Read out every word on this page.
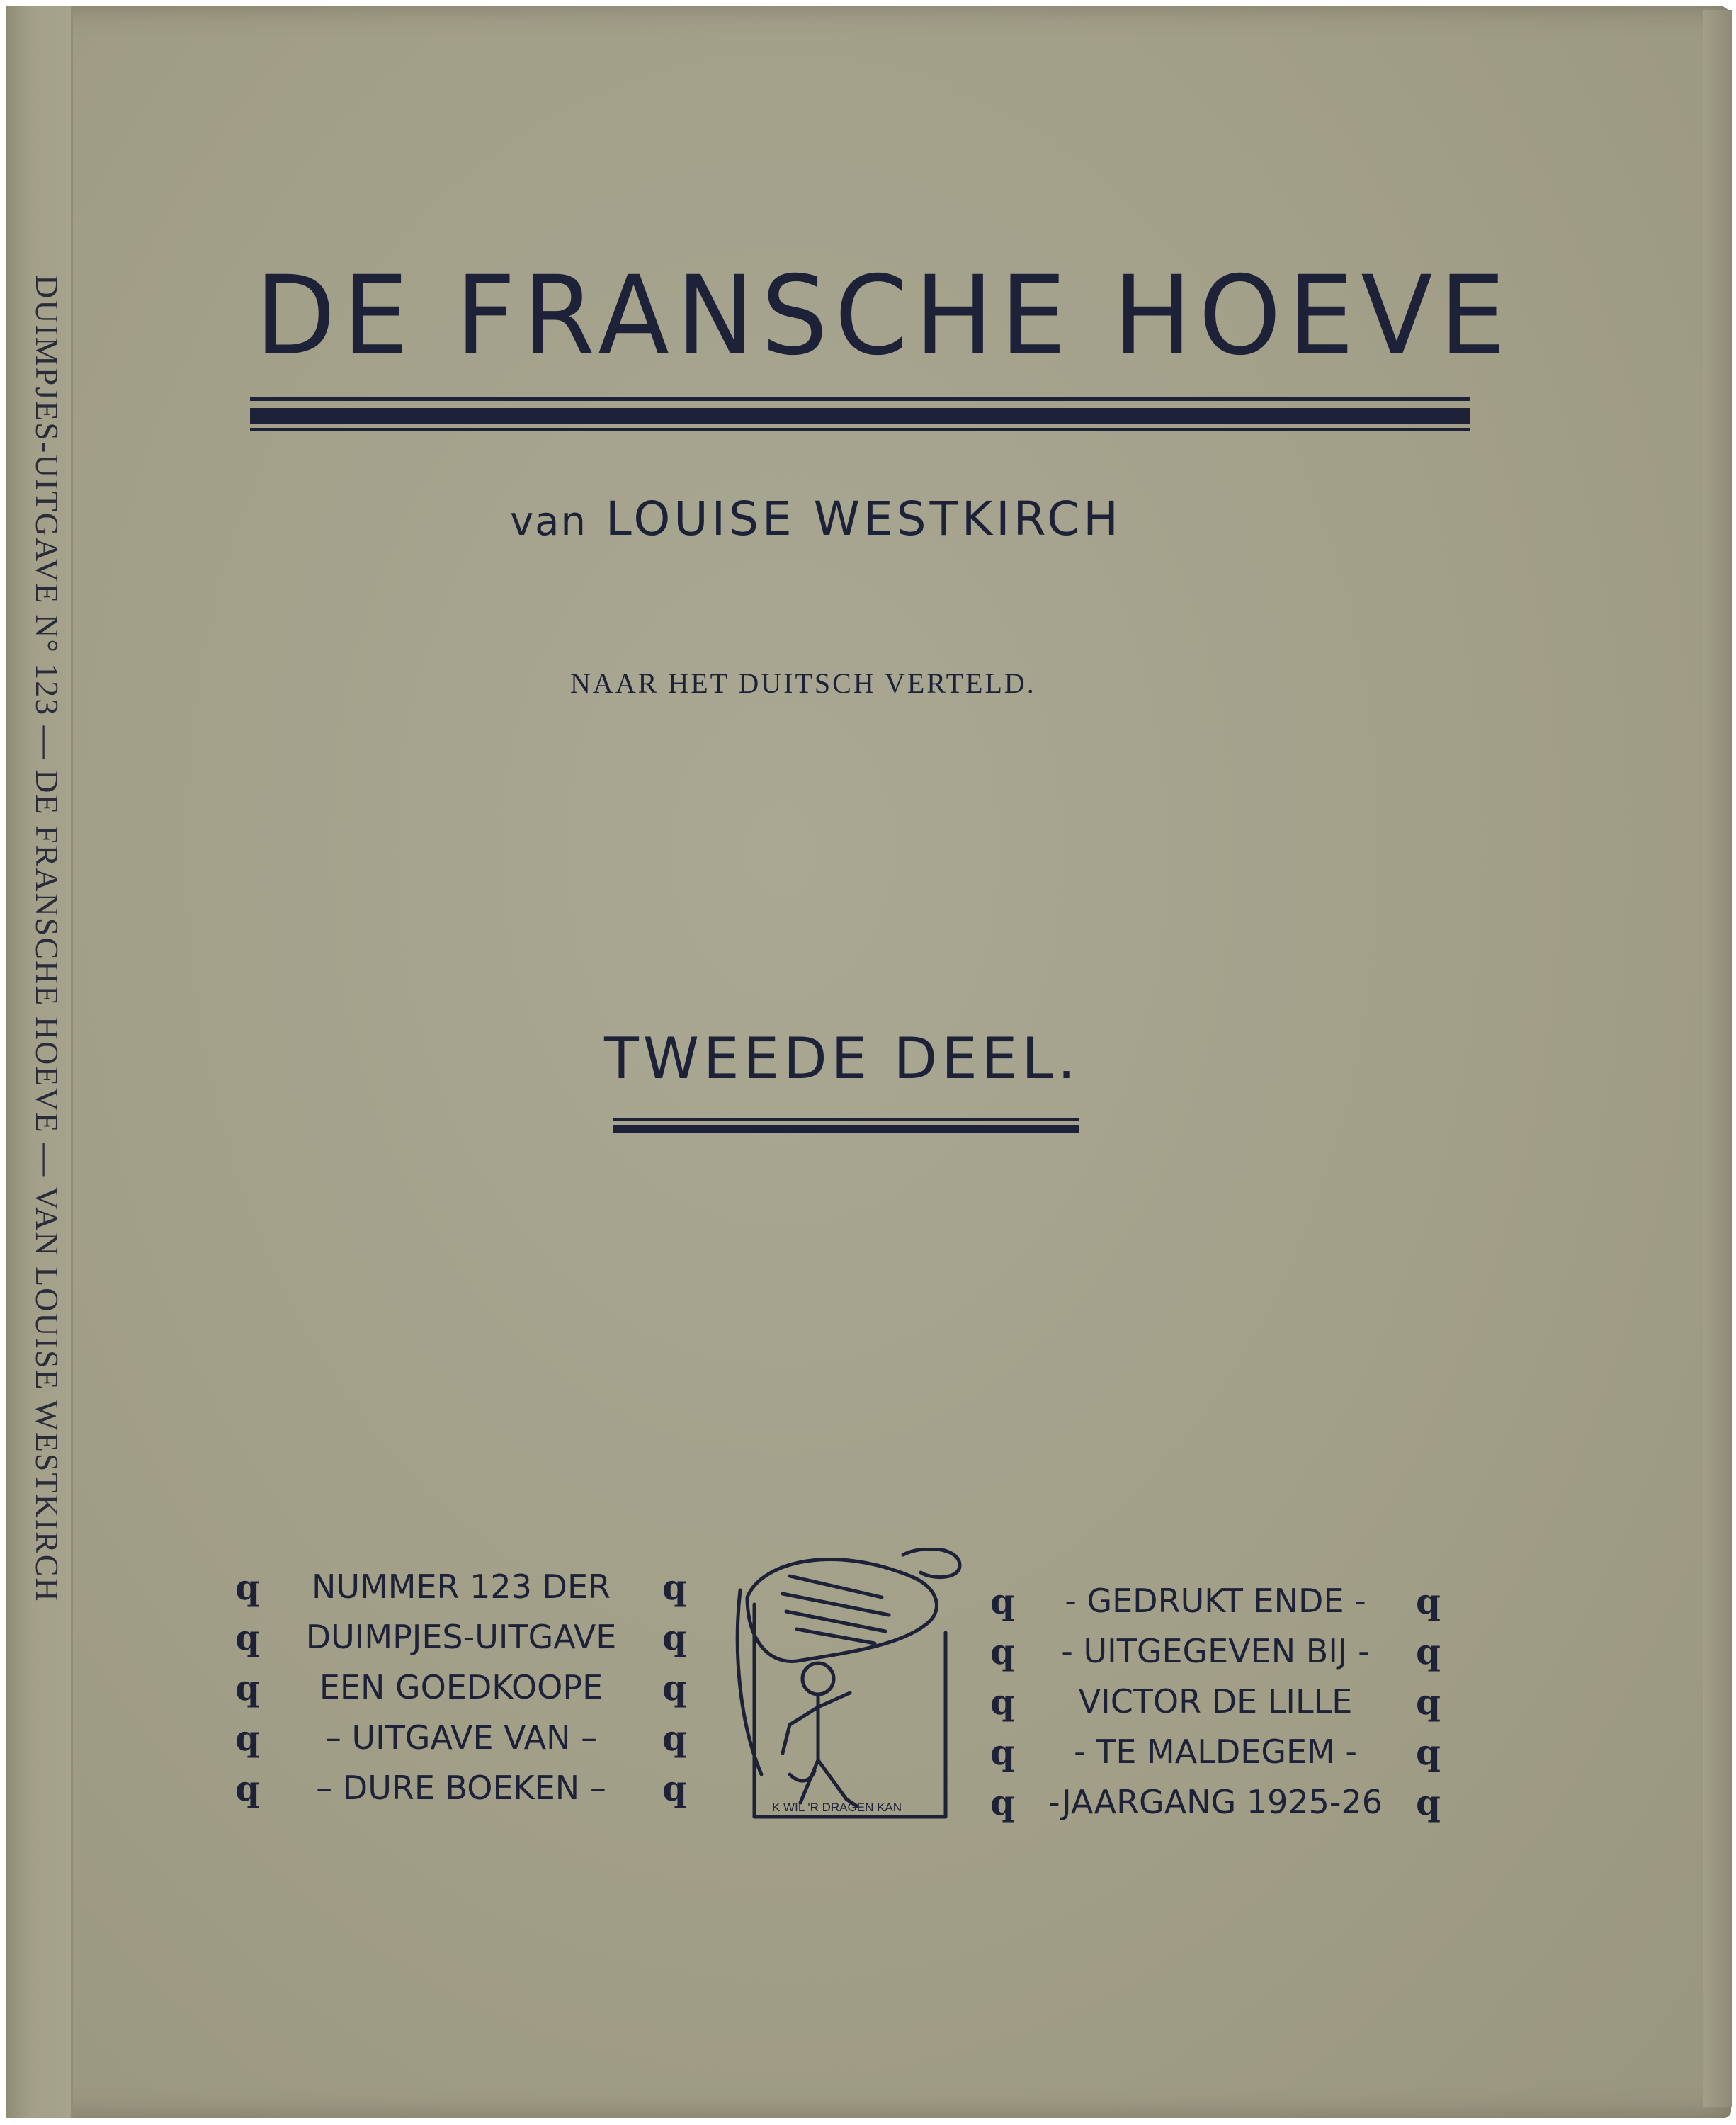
DUIMPJES-UITGAVE N° 123 — DE FRANSCHE HOEVE — VAN LOUISE WESTKIRCH DE FRANSCHE HOEVE
van LOUISE WESTKIRCH
NAAR HET DUITSCH VERTELD.
TWEEDE DEEL.
q NUMMER 123 DER q
q DUIMPJES-UITGAVE q
q EEN GOEDKOOPE q
q – UITGAVE VAN – q
q – DURE BOEKEN – q	K WIL 'R DRAGEN KAN
q - GEDRUKT ENDE - q
q - UITGEGEVEN BIJ - q
q VICTOR DE LILLE q
q - TE MALDEGEM - q
q -JAARGANG 1925-26 q
